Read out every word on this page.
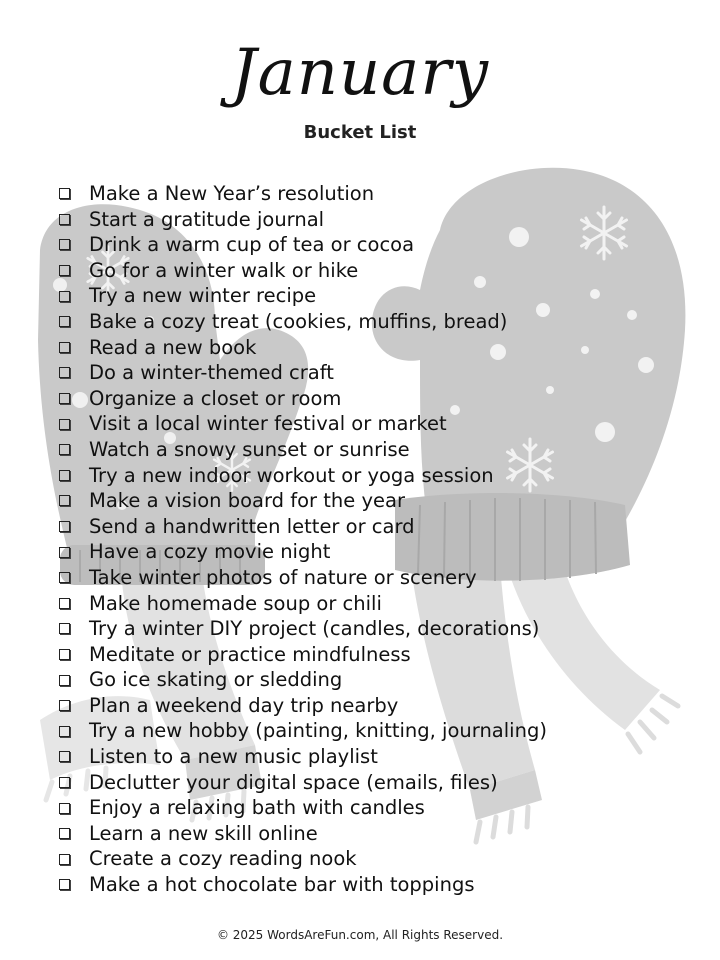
January
Bucket List
Make a New Year’s resolution
Start a gratitude journal
Drink a warm cup of tea or cocoa
Go for a winter walk or hike
Try a new winter recipe
Bake a cozy treat (cookies, muffins, bread)
Read a new book
Do a winter-themed craft
Organize a closet or room
Visit a local winter festival or market
Watch a snowy sunset or sunrise
Try a new indoor workout or yoga session
Make a vision board for the year
Send a handwritten letter or card
Have a cozy movie night
Take winter photos of nature or scenery
Make homemade soup or chili
Try a winter DIY project (candles, decorations)
Meditate or practice mindfulness
Go ice skating or sledding
Plan a weekend day trip nearby
Try a new hobby (painting, knitting, journaling)
Listen to a new music playlist
Declutter your digital space (emails, files)
Enjoy a relaxing bath with candles
Learn a new skill online
Create a cozy reading nook
Make a hot chocolate bar with toppings
© 2025 WordsAreFun.com, All Rights Reserved.
